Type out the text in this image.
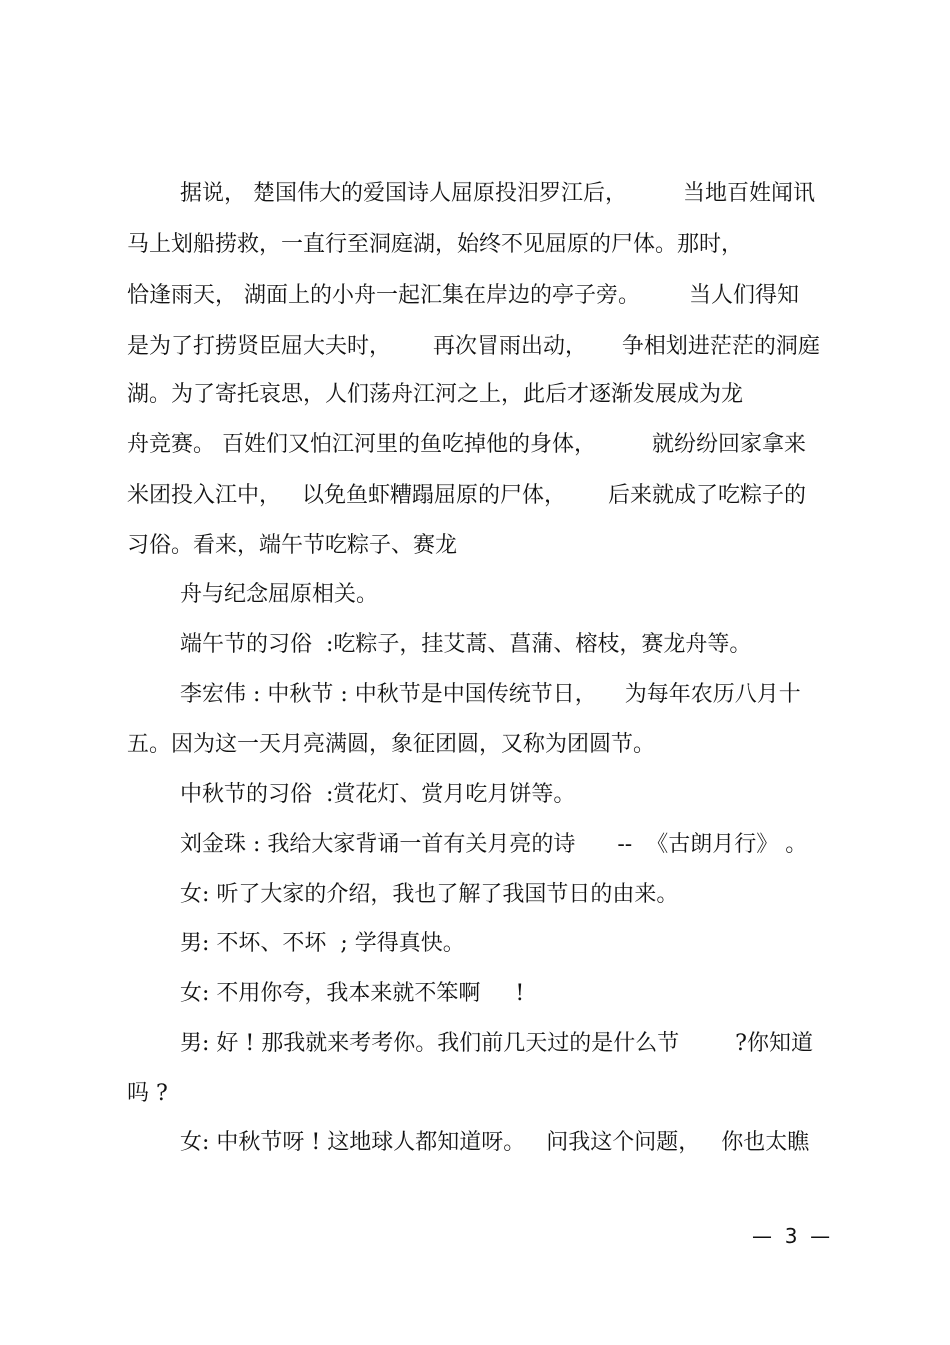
据说， 楚国伟大的爱国诗人屈原投汨罗江后，        当地百姓闻讯
马上划船捞救，一直行至洞庭湖，始终不见屈原的尸体。那时，
恰逢雨天， 湖面上的小舟一起汇集在岸边的亭子旁。       当人们得知
是为了打捞贤臣屈大夫时，      再次冒雨出动，     争相划进茫茫的洞庭
湖。为了寄托哀思，人们荡舟江河之上，此后才逐渐发展成为龙
舟竞赛。 百姓们又怕江河里的鱼吃掉他的身体，        就纷纷回家拿来
米团投入江中，   以免鱼虾糟蹋屈原的尸体，      后来就成了吃粽子的
习俗。看来，端午节吃粽子、赛龙
舟与纪念屈原相关。
端午节的习俗  :吃粽子，挂艾蒿、菖蒲、榕枝，赛龙舟等。
李宏伟 : 中秋节 : 中秋节是中国传统节日，    为每年农历八月十
五。因为这一天月亮满圆，象征团圆，又称为团圆节。
中秋节的习俗  :赏花灯、赏月吃月饼等。
刘金珠 : 我给大家背诵一首有关月亮的诗      --  《古朗月行》 。
女: 听了大家的介绍，我也了解了我国节日的由来。
男: 不坏、不坏  ; 学得真快。
女: 不用你夸，我本来就不笨啊     !
男: 好 ! 那我就来考考你。我们前几天过的是什么节        ?你知道
吗 ?
女: 中秋节呀 ! 这地球人都知道呀。   问我这个问题，   你也太瞧
—  3  —
